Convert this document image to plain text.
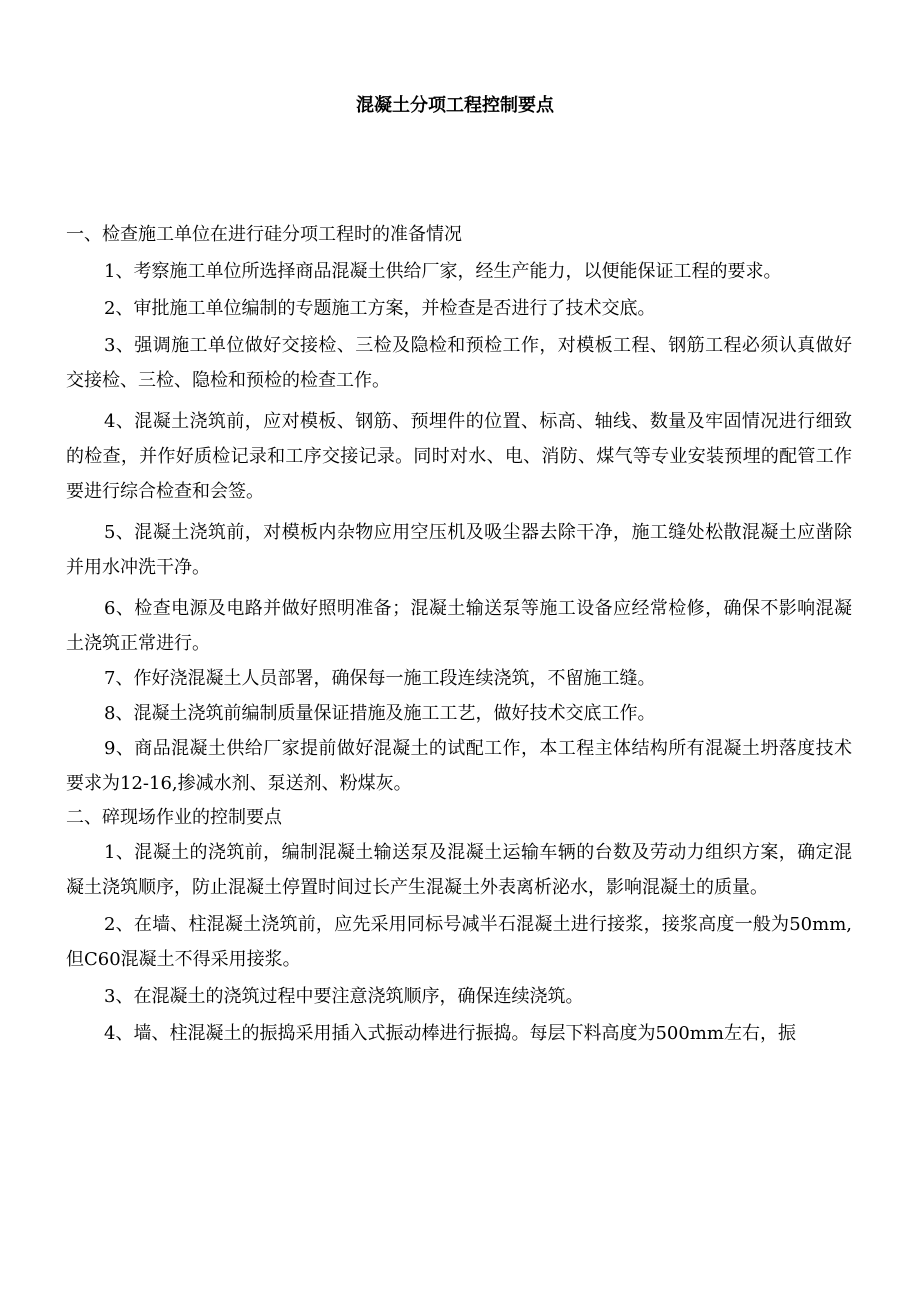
混凝土分项工程控制要点
一、检查施工单位在进行硅分项工程时的准备情况

1、考察施工单位所选择商品混凝土供给厂家，经生产能力，以便能保证工程的要求。

2、审批施工单位编制的专题施工方案，并检查是否进行了技术交底。

3、强调施工单位做好交接检、三检及隐检和预检工作，对模板工程、钢筋工程必须认真做好交接检、三检、隐检和预检的检查工作。

4、混凝土浇筑前，应对模板、钢筋、预埋件的位置、标高、轴线、数量及牢固情况进行细致的检查，并作好质检记录和工序交接记录。同时对水、电、消防、煤气等专业安装预埋的配管工作要进行综合检查和会签。

5、混凝土浇筑前，对模板内杂物应用空压机及吸尘器去除干净，施工缝处松散混凝土应凿除并用水冲洗干净。

6、检查电源及电路并做好照明准备；混凝土输送泵等施工设备应经常检修，确保不影响混凝土浇筑正常进行。

7、作好浇混凝土人员部署，确保每一施工段连续浇筑，不留施工缝。

8、混凝土浇筑前编制质量保证措施及施工工艺，做好技术交底工作。

9、商品混凝土供给厂家提前做好混凝土的试配工作，本工程主体结构所有混凝土坍落度技术要求为12-16,掺减水剂、泵送剂、粉煤灰。

二、碎现场作业的控制要点

1、混凝土的浇筑前，编制混凝土输送泵及混凝土运输车辆的台数及劳动力组织方案，确定混凝土浇筑顺序，防止混凝土停置时间过长产生混凝土外表离析泌水，影响混凝土的质量。

2、在墙、柱混凝土浇筑前，应先采用同标号减半石混凝土进行接浆，接浆高度一般为50mm,但C60混凝土不得采用接浆。

3、在混凝土的浇筑过程中要注意浇筑顺序，确保连续浇筑。

4、墙、柱混凝土的振捣采用插入式振动棒进行振捣。每层下料高度为500mm左右，振
